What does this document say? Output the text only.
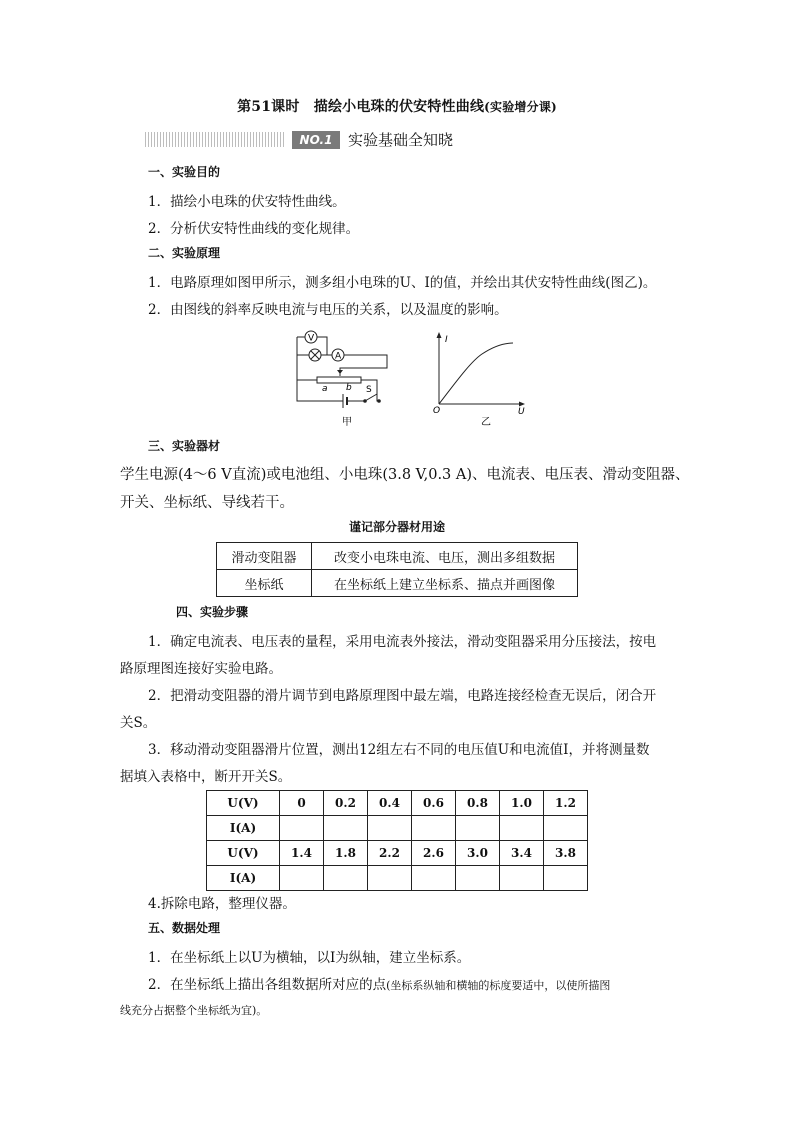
第51课时　描绘小电珠的伏安特性曲线(实验增分课)
NO.1	实验基础全知晓
一、实验目的
1．描绘小电珠的伏安特性曲线。
2．分析伏安特性曲线的变化规律。
二、实验原理
1．电路原理如图甲所示，测多组小电珠的U、I的值，并绘出其伏安特性曲线(图乙)。
2．由图线的斜率反映电流与电压的关系，以及温度的影响。
V
A
a b S
甲
I
U
O
乙
三、实验器材
学生电源(4～6 V直流)或电池组、小电珠(3.8 V,0.3 A)、电流表、电压表、滑动变阻器、
开关、坐标纸、导线若干。
谨记部分器材用途
滑动变阻器	改变小电珠电流、电压，测出多组数据
坐标纸	在坐标纸上建立坐标系、描点并画图像
四、实验步骤
1．确定电流表、电压表的量程，采用电流表外接法，滑动变阻器采用分压接法，按电
路原理图连接好实验电路。
2．把滑动变阻器的滑片调节到电路原理图中最左端，电路连接经检查无误后，闭合开
关S。
3．移动滑动变阻器滑片位置，测出12组左右不同的电压值U和电流值I，并将测量数
据填入表格中，断开开关S。
U(V)	0	0.2	0.4	0.6	0.8	1.0	1.2
I(A)							
U(V)	1.4	1.8	2.2	2.6	3.0	3.4	3.8
I(A)							
4.拆除电路，整理仪器。
五、数据处理
1．在坐标纸上以U为横轴，以I为纵轴，建立坐标系。
2．在坐标纸上描出各组数据所对应的点(坐标系纵轴和横轴的标度要适中，以使所描图
线充分占据整个坐标纸为宜)。
